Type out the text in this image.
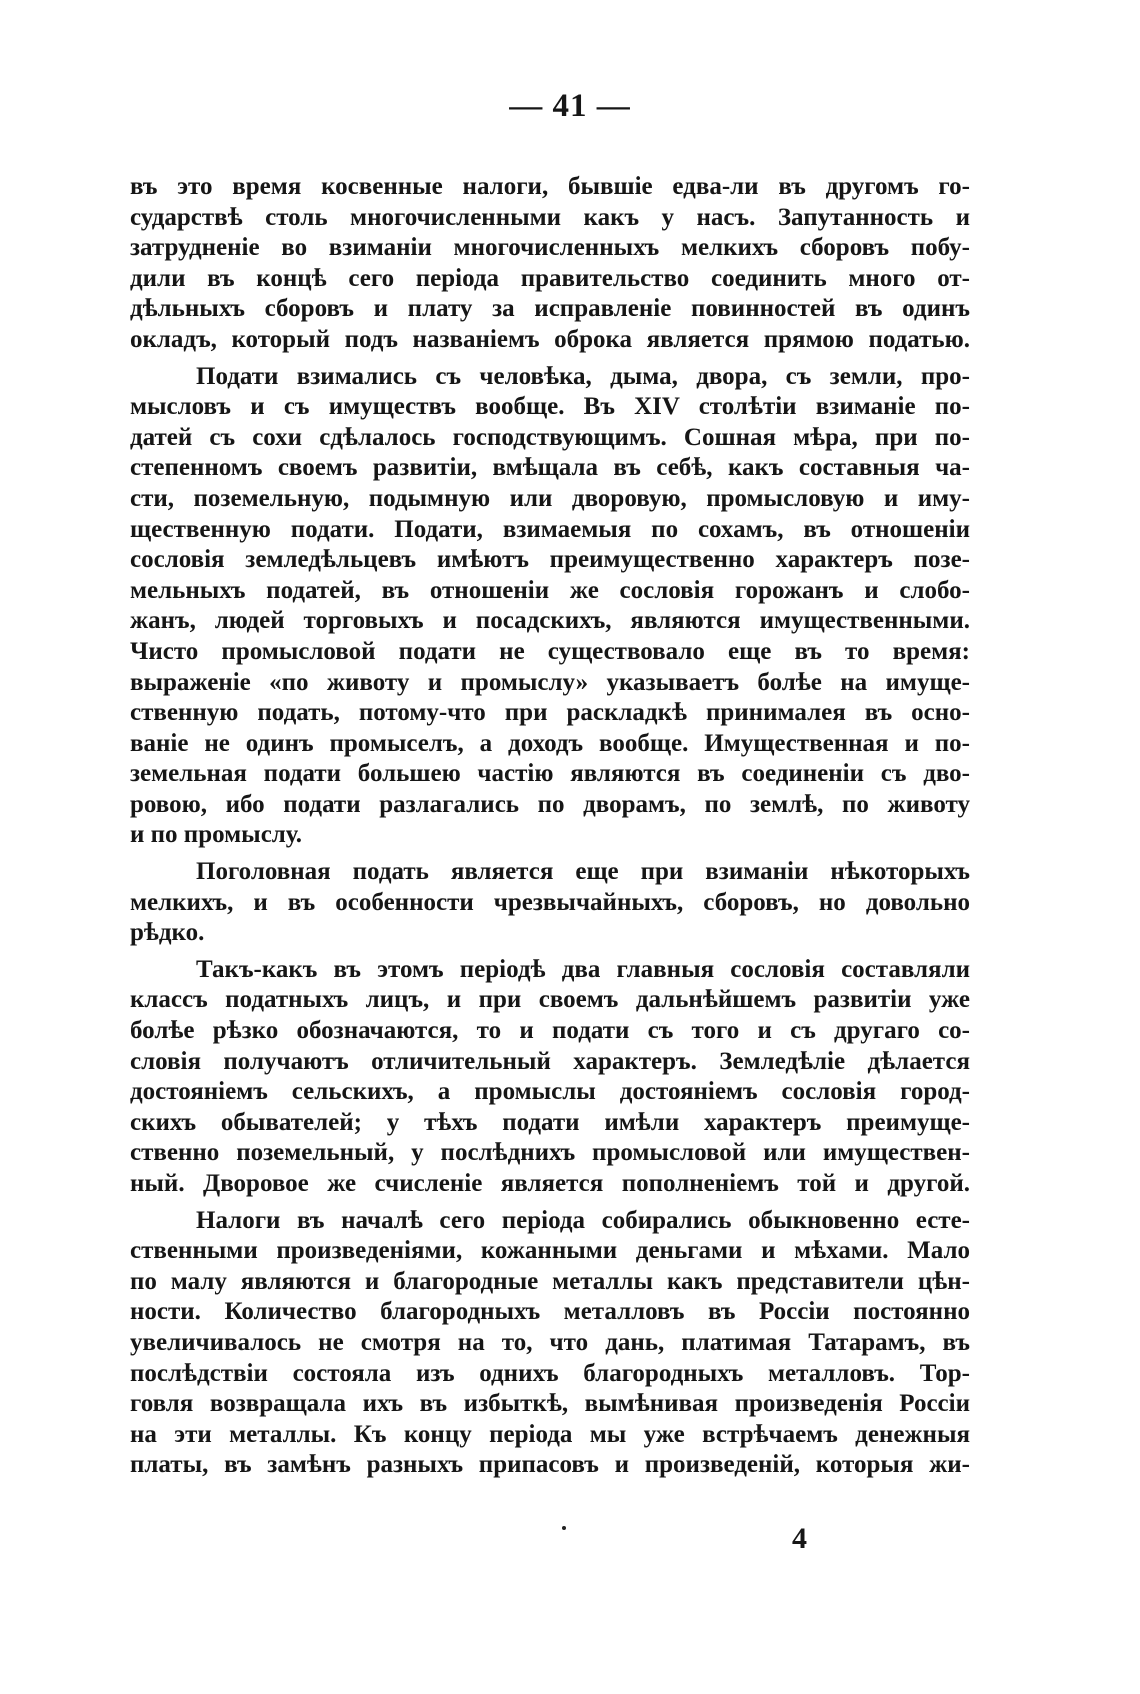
— 41 —
въ это время косвенные налоги, бывшіе едва-ли въ другомъ го-
сударствѣ столь многочисленными какъ у насъ. Запутанность и
затрудненіе во взиманіи многочисленныхъ мелкихъ сборовъ побу-
дили въ концѣ сего періода правительство соединить много от-
дѣльныхъ сборовъ и плату за исправленіе повинностей въ одинъ
окладъ, который подъ названіемъ оброка является прямою податью.
Подати взимались съ человѣка, дыма, двора, съ земли, про-
мысловъ и съ имуществъ вообще. Въ XIV столѣтіи взиманіе по-
датей съ сохи сдѣлалось господствующимъ. Сошная мѣра, при по-
степенномъ своемъ развитіи, вмѣщала въ себѣ, какъ составныя ча-
сти, поземельную, подымную или дворовую, промысловую и иму-
щественную подати. Подати, взимаемыя по сохамъ, въ отношеніи
сословія земледѣльцевъ имѣютъ преимущественно характеръ позе-
мельныхъ податей, въ отношеніи же сословія горожанъ и слобо-
жанъ, людей торговыхъ и посадскихъ, являются имущественными.
Чисто промысловой подати не существовало еще въ то время:
выраженіе «по животу и промыслу» указываетъ болѣе на имуще-
ственную подать, потому-что при раскладкѣ принималея въ осно-
ваніе не одинъ промыселъ, а доходъ вообще. Имущественная и по-
земельная подати большею частію являются въ соединеніи съ дво-
ровою, ибо подати разлагались по дворамъ, по землѣ, по животу
и по промыслу.
Поголовная подать является еще при взиманіи нѣкоторыхъ
мелкихъ, и въ особенности чрезвычайныхъ, сборовъ, но довольно
рѣдко.
Такъ-какъ въ этомъ періодѣ два главныя сословія составляли
классъ податныхъ лицъ, и при своемъ дальнѣйшемъ развитіи уже
болѣе рѣзко обозначаются, то и подати съ того и съ другаго со-
словія получаютъ отличительный характеръ. Земледѣліе дѣлается
достояніемъ сельскихъ, а промыслы достояніемъ сословія город-
скихъ обывателей; у тѣхъ подати имѣли характеръ преимуще-
ственно поземельный, у послѣднихъ промысловой или имуществен-
ный. Дворовое же счисленіе является пополненіемъ той и другой.
Налоги въ началѣ сего періода собирались обыкновенно есте-
ственными произведеніями, кожанными деньгами и мѣхами. Мало
по малу являются и благородные металлы какъ представители цѣн-
ности. Количество благородныхъ металловъ въ Россіи постоянно
увеличивалось не смотря на то, что дань, платимая Татарамъ, въ
послѣдствіи состояла изъ однихъ благородныхъ металловъ. Тор-
говля возвращала ихъ въ избыткѣ, вымѣнивая произведенія Россіи
на эти металлы. Къ концу періода мы уже встрѣчаемъ денежныя
платы, въ замѣнъ разныхъ припасовъ и произведеній, которыя жи-
4
